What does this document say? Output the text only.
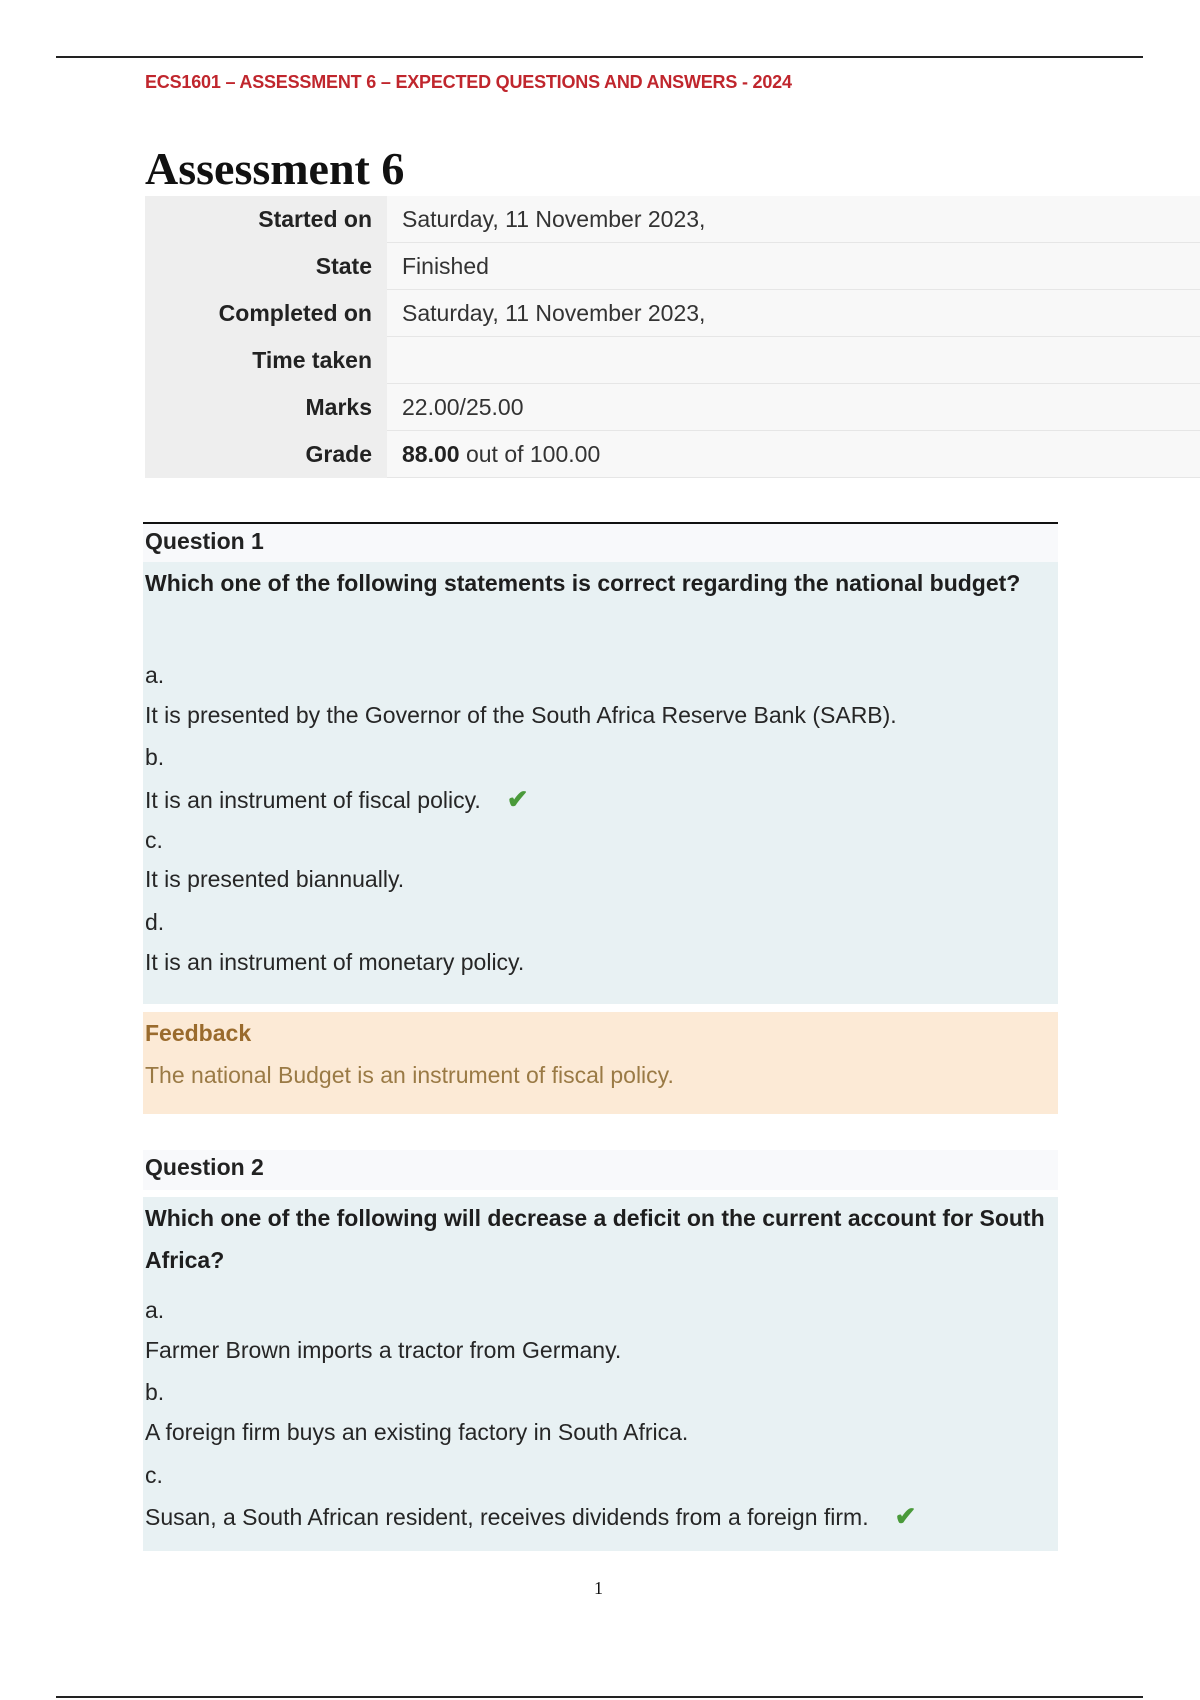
ECS1601 – ASSESSMENT 6 – EXPECTED QUESTIONS AND ANSWERS - 2024
Assessment 6
Started on	Saturday, 11 November 2023,
State	Finished
Completed on	Saturday, 11 November 2023,
Time taken	
Marks	22.00/25.00
Grade	88.00 out of 100.00
Question 1
Which one of the following statements is correct regarding the national budget?
a.
It is presented by the Governor of the South Africa Reserve Bank (SARB).
b.
It is an instrument of fiscal policy. ✔
c.
It is presented biannually.
d.
It is an instrument of monetary policy.
Feedback
The national Budget is an instrument of fiscal policy.
Question 2
Which one of the following will decrease a deficit on the current account for South Africa?
a.
Farmer Brown imports a tractor from Germany.
b.
A foreign firm buys an existing factory in South Africa.
c.
Susan, a South African resident, receives dividends from a foreign firm. ✔
1
